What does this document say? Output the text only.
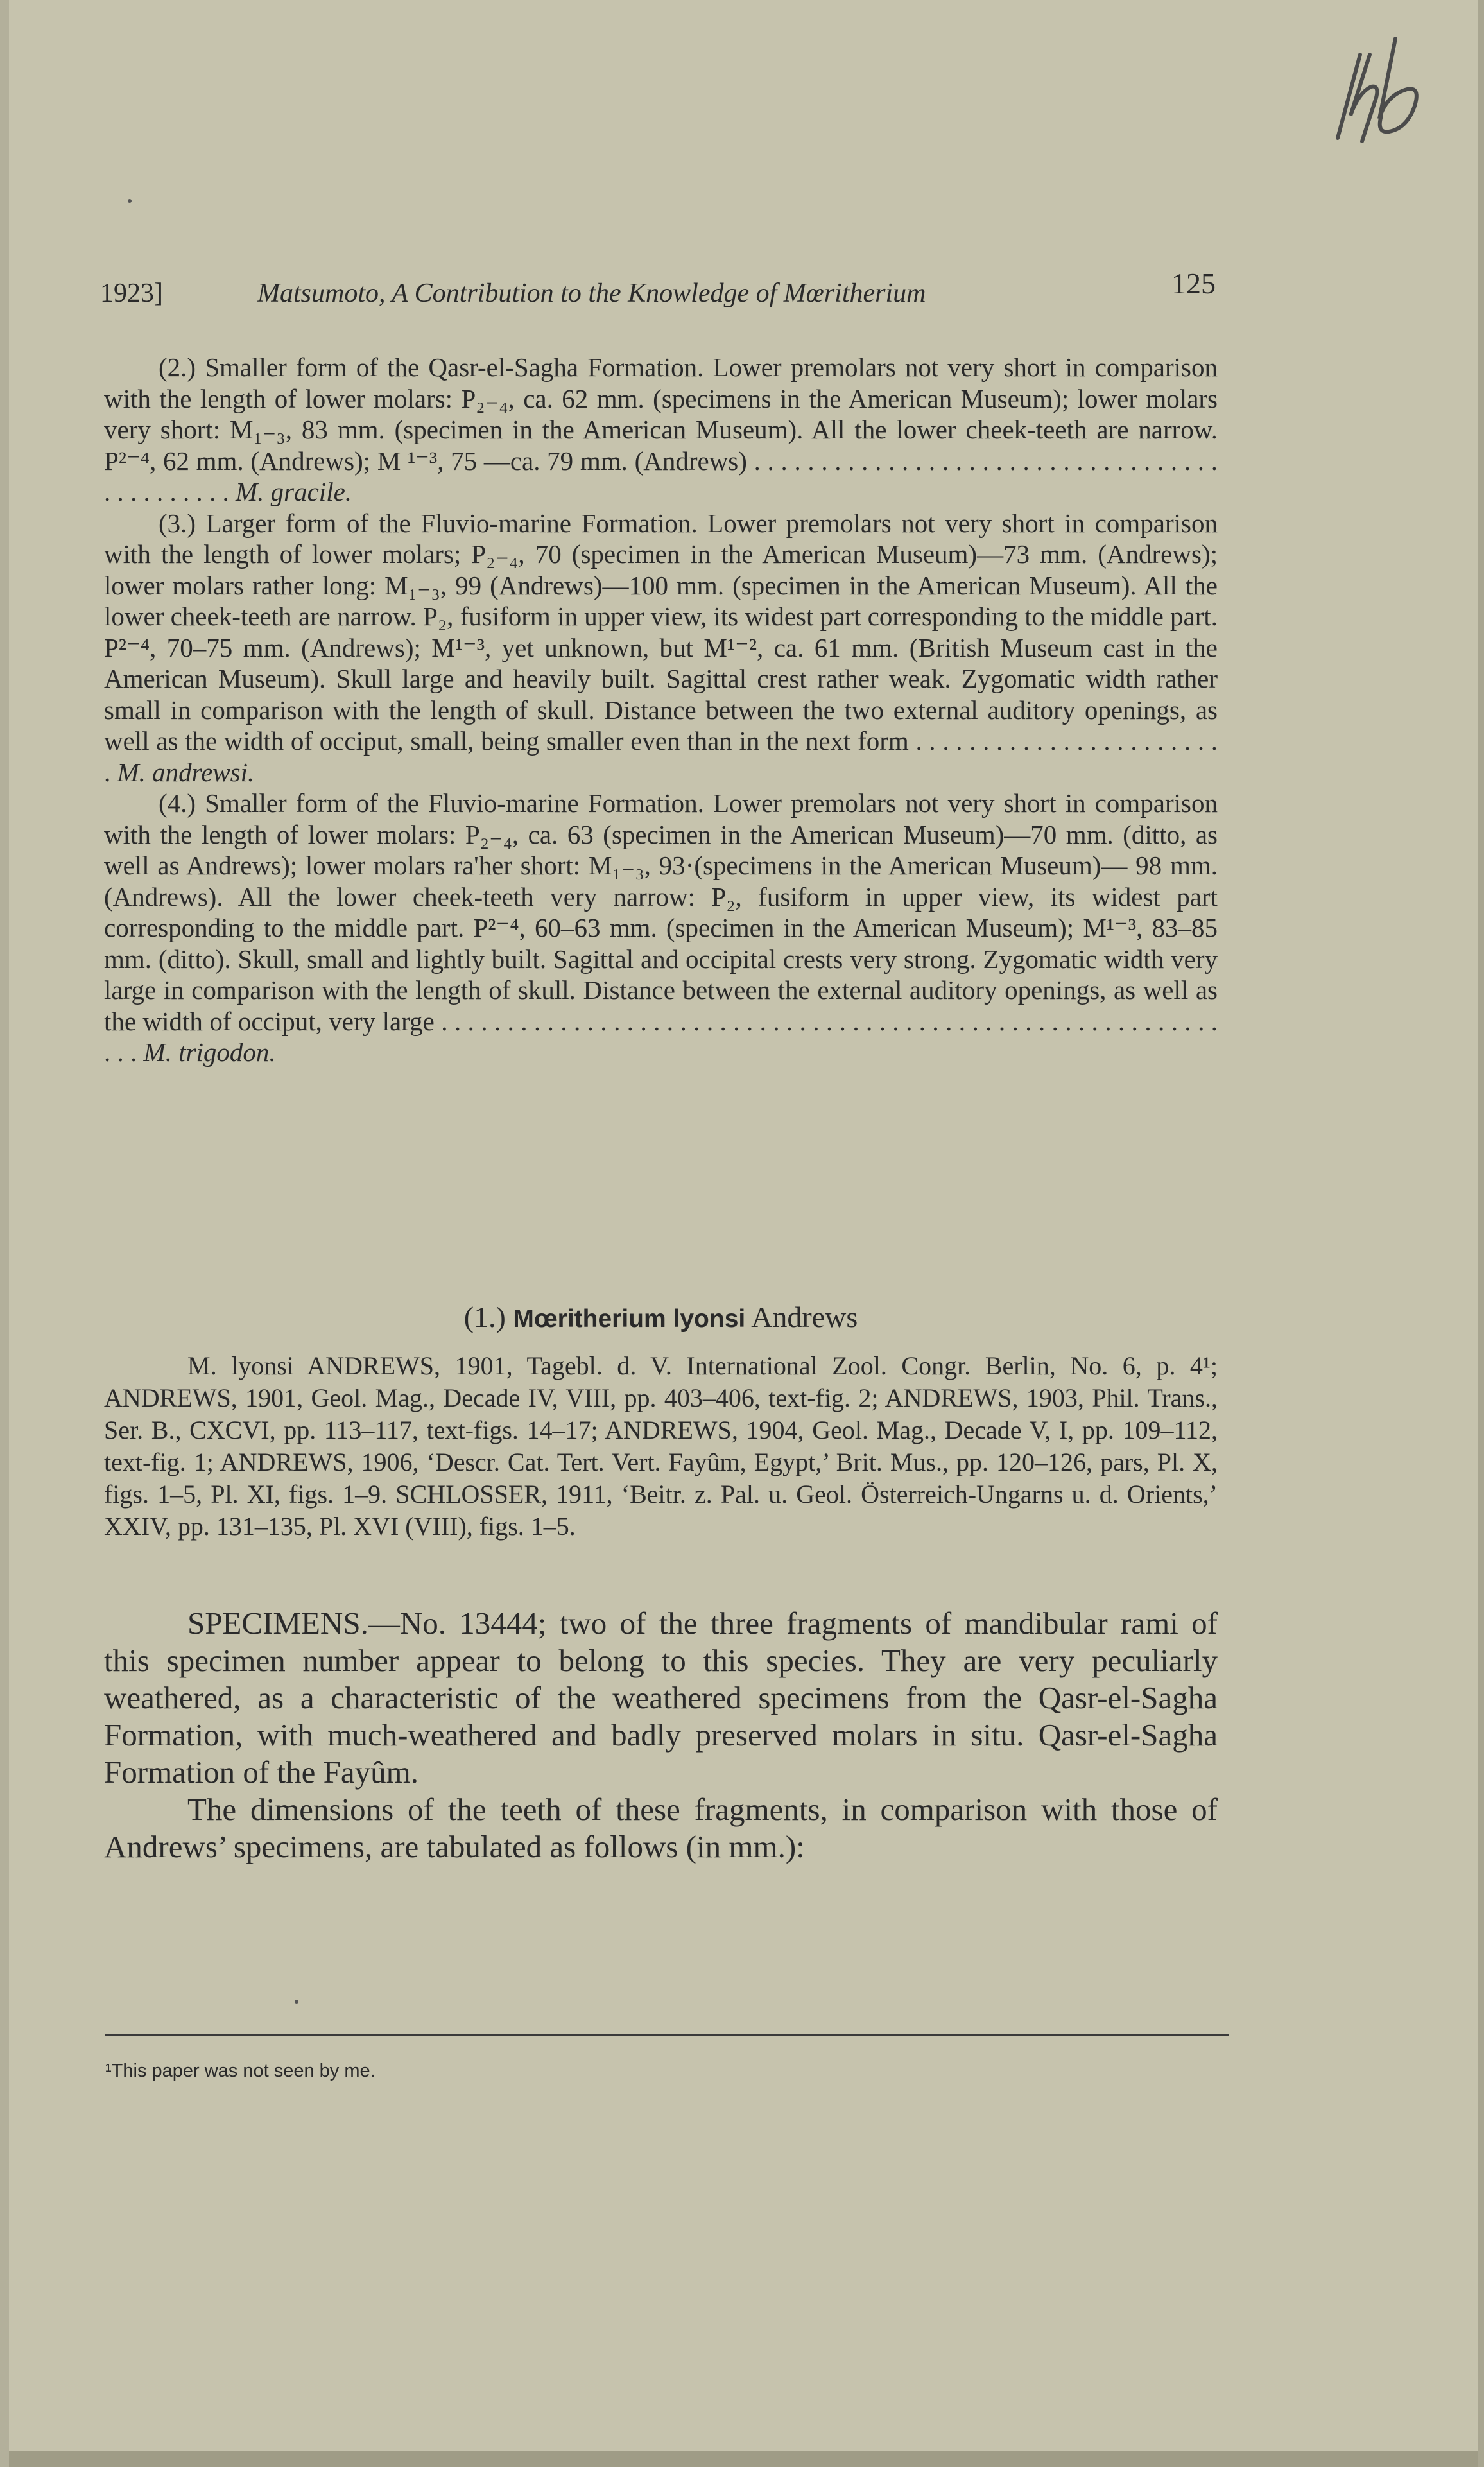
1923]	Matsumoto, A Contribution to the Knowledge of Mœritherium	125

(2.) Smaller form of the Qasr-el-Sagha Formation. Lower premolars not very short in comparison with the length of lower molars: P₂₋₄, ca. 62 mm. (specimens in the American Museum); lower molars very short: M₁₋₃, 83 mm. (specimen in the American Museum). All the lower cheek-teeth are narrow. P²⁻⁴, 62 mm. (Andrews); M ¹⁻³, 75 —ca. 79 mm. (Andrews) . . . . . . . . . . . . . . . . . . . . . . . . . . . . . . . . . . . . . . . . . . . . . M. gracile.

(3.) Larger form of the Fluvio-marine Formation. Lower premolars not very short in comparison with the length of lower molars; P₂₋₄, 70 (specimen in the American Museum)—73 mm. (Andrews); lower molars rather long: M₁₋₃, 99 (Andrews)—100 mm. (specimen in the American Museum). All the lower cheek-teeth are narrow. P₂, fusiform in upper view, its widest part corresponding to the middle part. P²⁻⁴, 70–75 mm. (Andrews); M¹⁻³, yet unknown, but M¹⁻², ca. 61 mm. (British Museum cast in the American Museum). Skull large and heavily built. Sagittal crest rather weak. Zygomatic width rather small in comparison with the length of skull. Distance between the two external auditory openings, as well as the width of occiput, small, being smaller even than in the next form . . . . . . . . . . . . . . . . . . . . . . . . M. andrewsi.

(4.) Smaller form of the Fluvio-marine Formation. Lower premolars not very short in comparison with the length of lower molars: P₂₋₄, ca. 63 (specimen in the American Museum)—70 mm. (ditto, as well as Andrews); lower molars ra'her short: M₁₋₃, 93·(specimens in the American Museum)— 98 mm. (Andrews). All the lower cheek-teeth very narrow: P₂, fusiform in upper view, its widest part corresponding to the middle part. P²⁻⁴, 60–63 mm. (specimen in the American Museum); M¹⁻³, 83–85 mm. (ditto). Skull, small and lightly built. Sagittal and occipital crests very strong. Zygomatic width very large in comparison with the length of skull. Distance between the external auditory openings, as well as the width of occiput, very large . . . . . . . . . . . . . . . . . . . . . . . . . . . . . . . . . . . . . . . . . . . . . . . . . . . . . . . . . . . . . . M. trigodon.

(1.) Mœritherium lyonsi Andrews

M. lyonsi ANDREWS, 1901, Tagebl. d. V. International Zool. Congr. Berlin, No. 6, p. 4¹; ANDREWS, 1901, Geol. Mag., Decade IV, VIII, pp. 403–406, text-fig. 2; ANDREWS, 1903, Phil. Trans., Ser. B., CXCVI, pp. 113–117, text-figs. 14–17; ANDREWS, 1904, Geol. Mag., Decade V, I, pp. 109–112, text-fig. 1; ANDREWS, 1906, ‘Descr. Cat. Tert. Vert. Fayûm, Egypt,’ Brit. Mus., pp. 120–126, pars, Pl. X, figs. 1–5, Pl. XI, figs. 1–9. SCHLOSSER, 1911, ‘Beitr. z. Pal. u. Geol. Österreich-Ungarns u. d. Orients,’ XXIV, pp. 131–135, Pl. XVI (VIII), figs. 1–5.

SPECIMENS.—No. 13444; two of the three fragments of mandibular rami of this specimen number appear to belong to this species. They are very peculiarly weathered, as a characteristic of the weathered specimens from the Qasr-el-Sagha Formation, with much-weathered and badly preserved molars in situ. Qasr-el-Sagha Formation of the Fayûm.

The dimensions of the teeth of these fragments, in comparison with those of Andrews’ specimens, are tabulated as follows (in mm.):

¹This paper was not seen by me.
